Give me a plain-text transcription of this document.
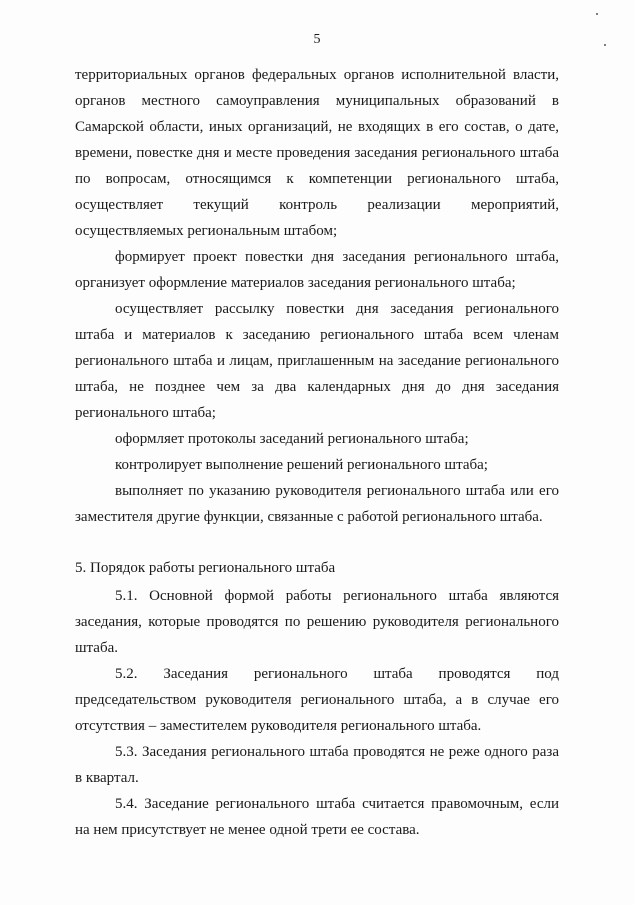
5

территориальных органов федеральных органов исполнительной власти, органов местного самоуправления муниципальных образований в Самарской области, иных организаций, не входящих в его состав, о дате, времени, повестке дня и месте проведения заседания регионального штаба по вопросам, относящимся к компетенции регионального штаба, осуществляет текущий контроль реализации мероприятий, осуществляемых региональным штабом;

формирует проект повестки дня заседания регионального штаба, организует оформление материалов заседания регионального штаба;

осуществляет рассылку повестки дня заседания регионального штаба и материалов к заседанию регионального штаба всем членам регионального штаба и лицам, приглашенным на заседание регионального штаба, не позднее чем за два календарных дня до дня заседания регионального штаба;

оформляет протоколы заседаний регионального штаба;

контролирует выполнение решений регионального штаба;

выполняет по указанию руководителя регионального штаба или его заместителя другие функции, связанные с работой регионального штаба.

5. Порядок работы регионального штаба

5.1. Основной формой работы регионального штаба являются заседания, которые проводятся по решению руководителя регионального штаба.

5.2.      Заседания      регионального      штаба      проводятся      под председательством руководителя регионального штаба, а в случае его отсутствия – заместителем руководителя регионального штаба.

5.3. Заседания регионального штаба проводятся не реже одного раза в квартал.

5.4. Заседание регионального штаба считается правомочным, если на нем присутствует не менее одной трети ее состава.
